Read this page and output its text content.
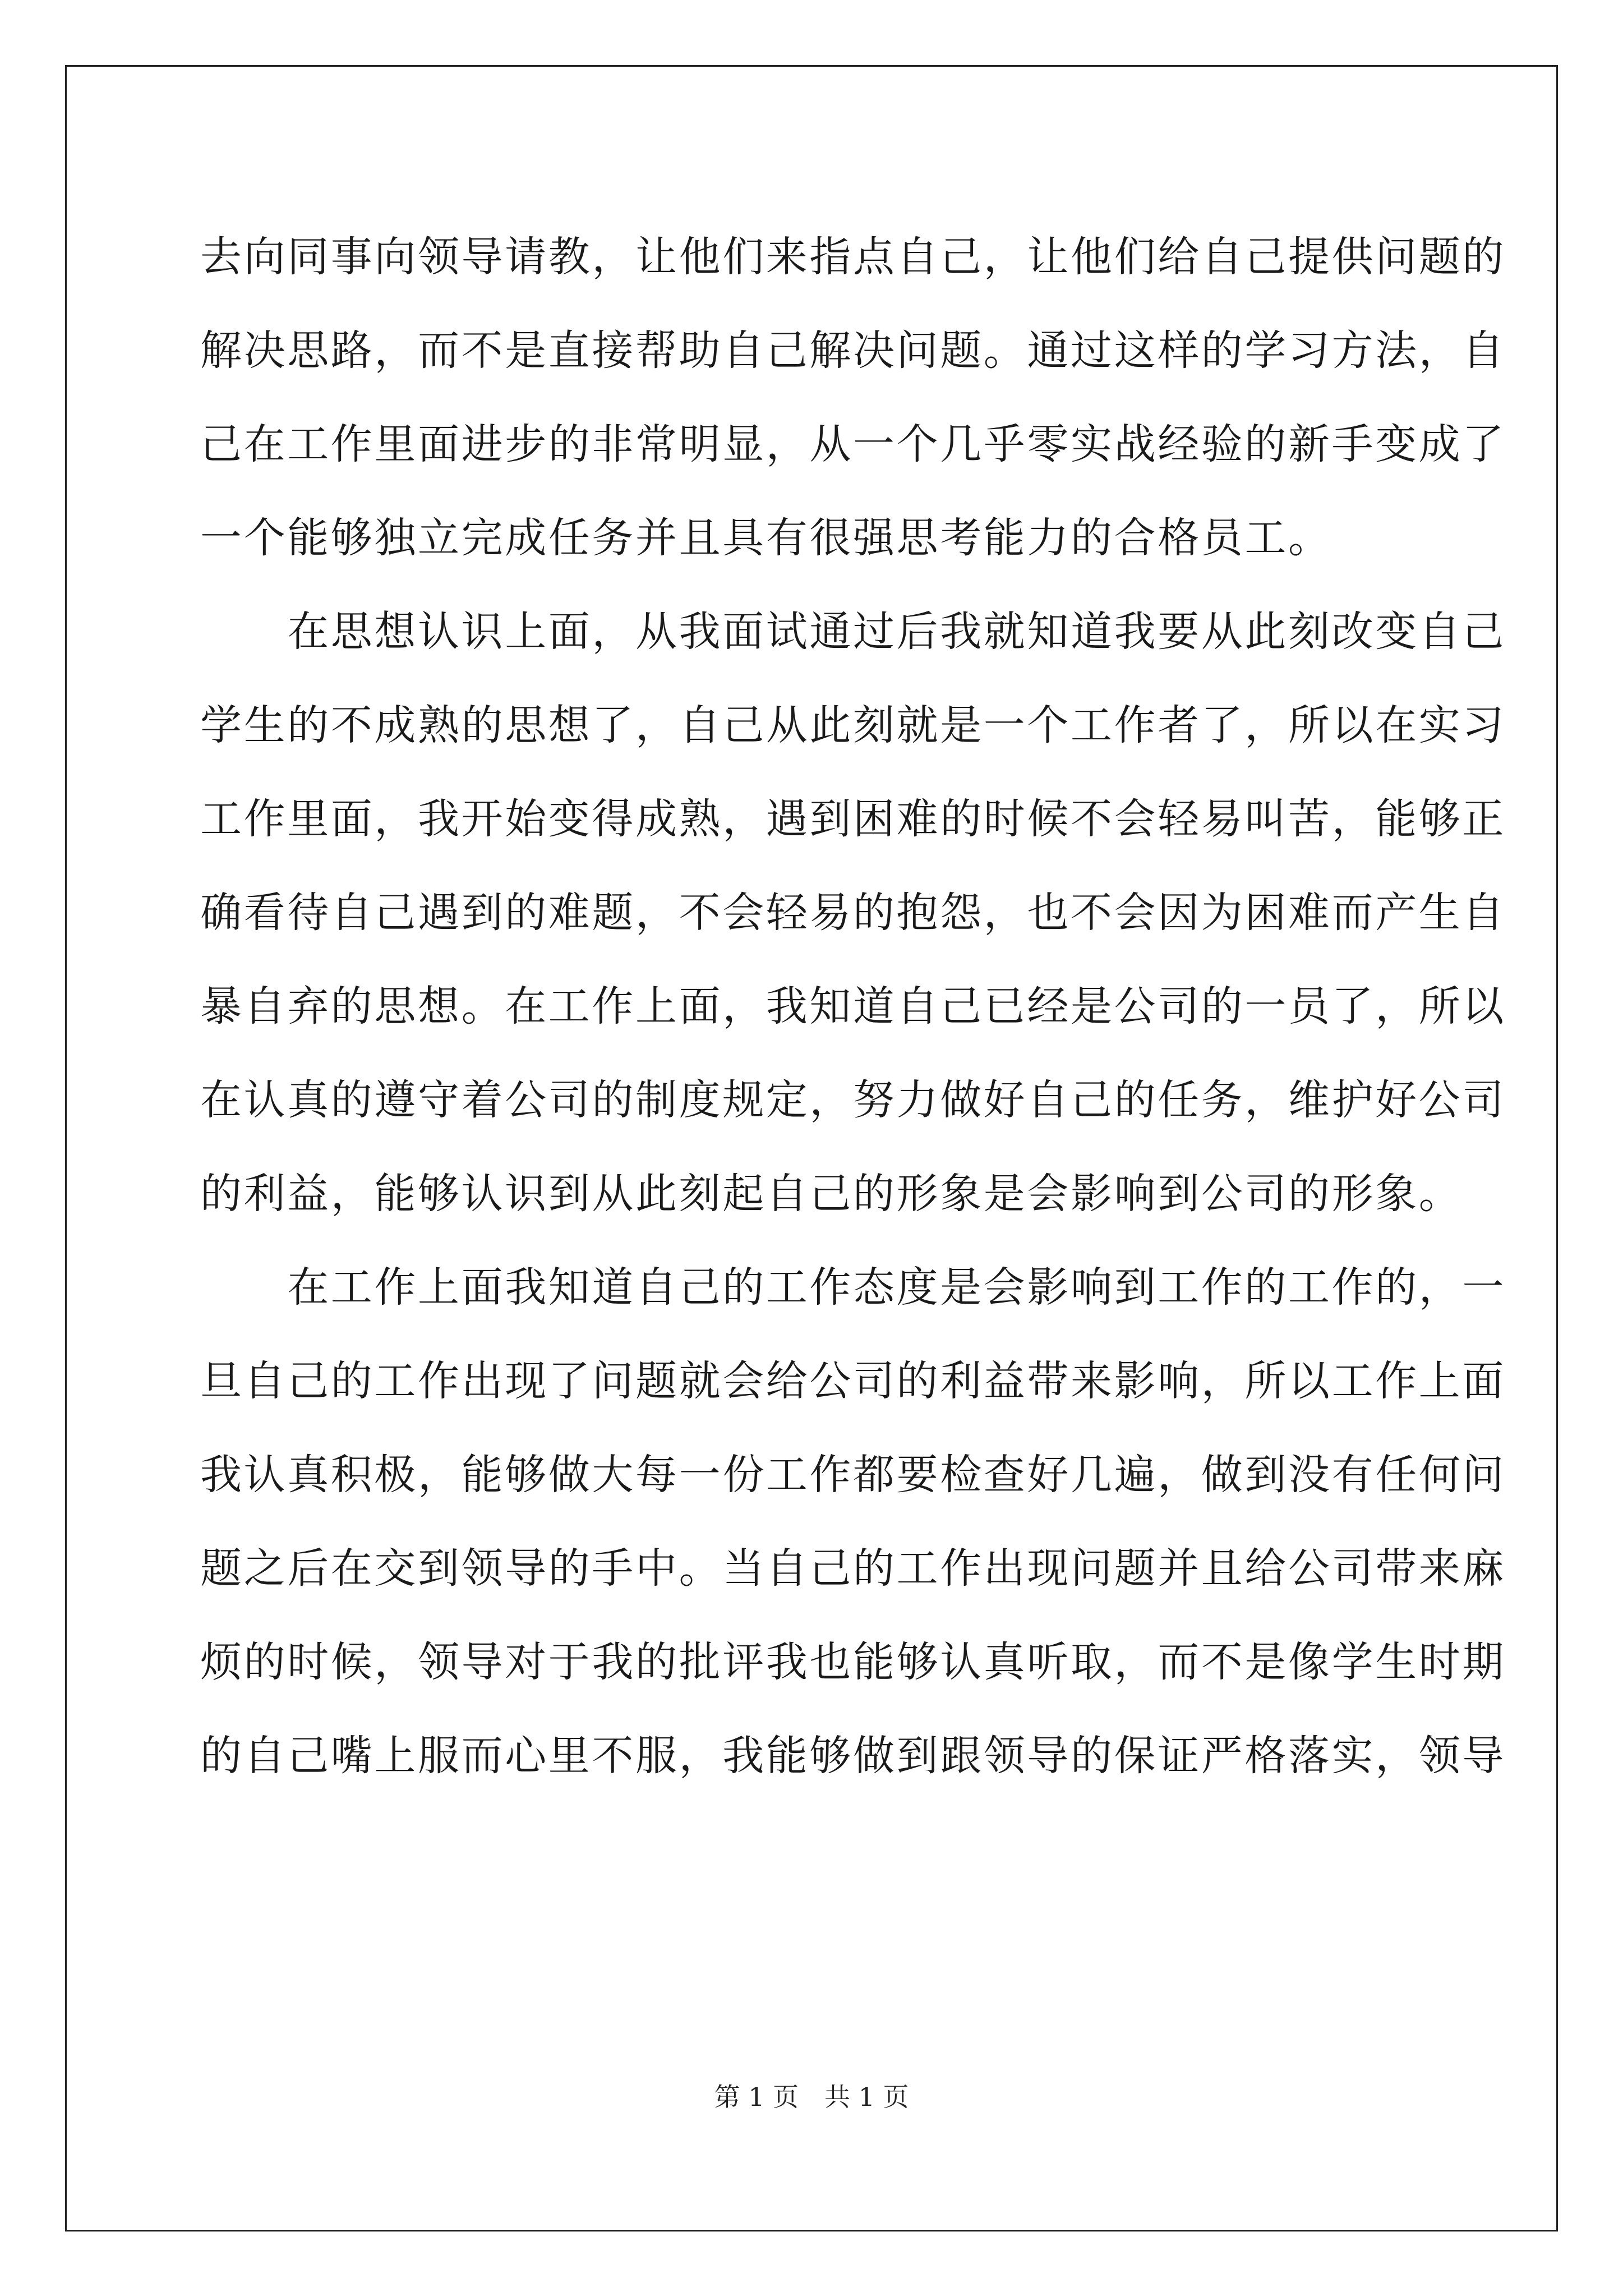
去向同事向领导请教，让他们来指点自己，让他们给自己提供问题的
解决思路，而不是直接帮助自己解决问题。通过这样的学习方法，自
己在工作里面进步的非常明显，从一个几乎零实战经验的新手变成了
一个能够独立完成任务并且具有很强思考能力的合格员工。
　　在思想认识上面，从我面试通过后我就知道我要从此刻改变自己
学生的不成熟的思想了，自己从此刻就是一个工作者了，所以在实习
工作里面，我开始变得成熟，遇到困难的时候不会轻易叫苦，能够正
确看待自己遇到的难题，不会轻易的抱怨，也不会因为困难而产生自
暴自弃的思想。在工作上面，我知道自己已经是公司的一员了，所以
在认真的遵守着公司的制度规定，努力做好自己的任务，维护好公司
的利益，能够认识到从此刻起自己的形象是会影响到公司的形象。
　　在工作上面我知道自己的工作态度是会影响到工作的工作的，一
旦自己的工作出现了问题就会给公司的利益带来影响，所以工作上面
我认真积极，能够做大每一份工作都要检查好几遍，做到没有任何问
题之后在交到领导的手中。当自己的工作出现问题并且给公司带来麻
烦的时候，领导对于我的批评我也能够认真听取，而不是像学生时期
的自己嘴上服而心里不服，我能够做到跟领导的保证严格落实，领导
第 1 页　共 1 页
